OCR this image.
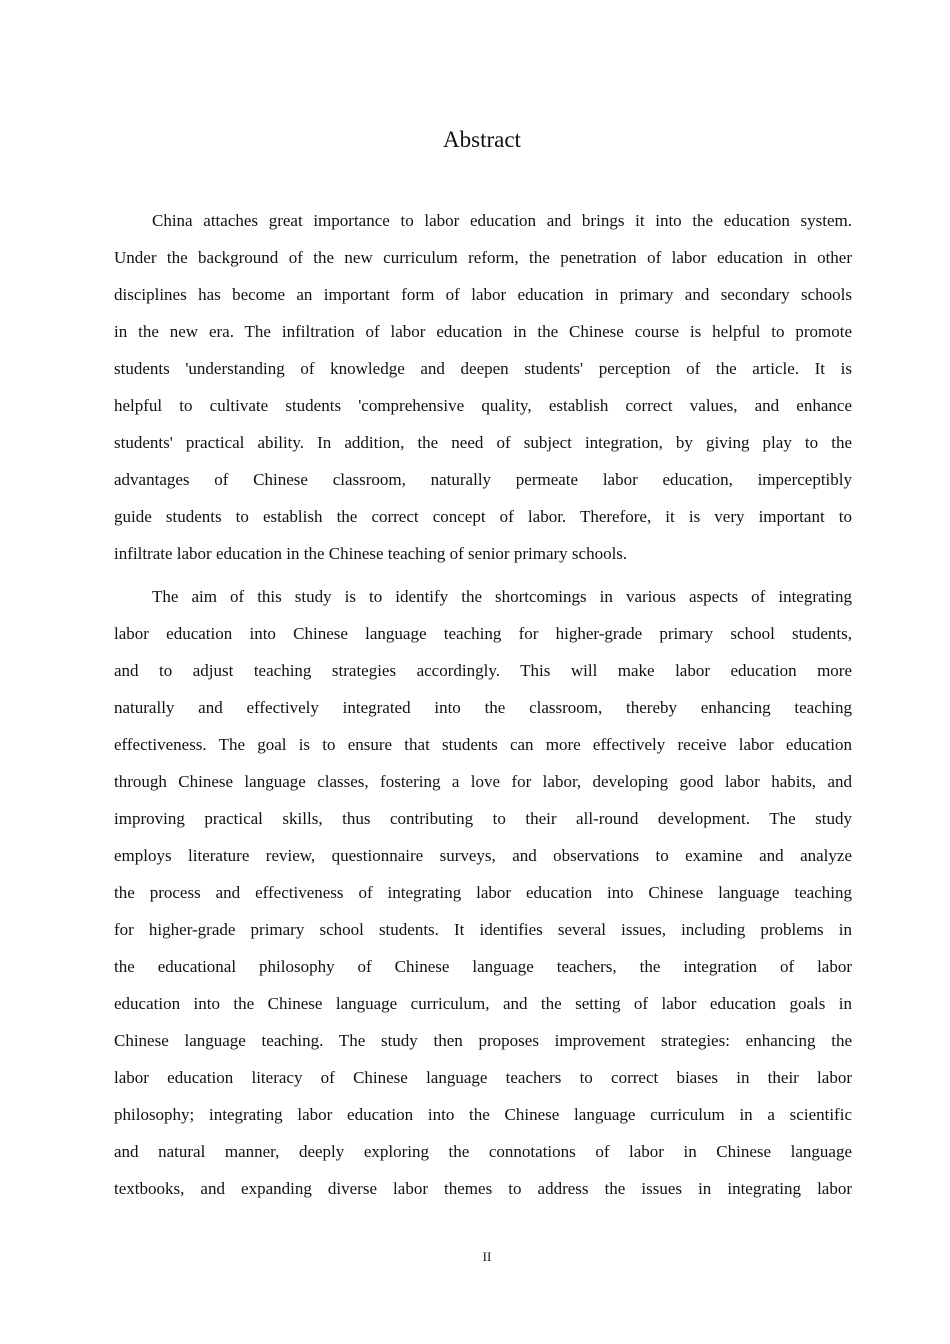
Abstract
China attaches great importance to labor education and brings it into the education system.
Under the background of the new curriculum reform, the penetration of labor education in other
disciplines has become an important form of labor education in primary and secondary schools
in the new era. The infiltration of labor education in the Chinese course is helpful to promote
students 'understanding of knowledge and deepen students' perception of the article. It is
helpful to cultivate students 'comprehensive quality, establish correct values, and enhance
students' practical ability. In addition, the need of subject integration, by giving play to the
advantages of Chinese classroom, naturally permeate labor education, imperceptibly
guide students to establish the correct concept of labor. Therefore, it is very important to
infiltrate labor education in the Chinese teaching of senior primary schools.
The aim of this study is to identify the shortcomings in various aspects of integrating
labor education into Chinese language teaching for higher-grade primary school students,
and to adjust teaching strategies accordingly. This will make labor education more
naturally and effectively integrated into the classroom, thereby enhancing teaching
effectiveness. The goal is to ensure that students can more effectively receive labor education
through Chinese language classes, fostering a love for labor, developing good labor habits, and
improving practical skills, thus contributing to their all-round development. The study
employs literature review, questionnaire surveys, and observations to examine and analyze
the process and effectiveness of integrating labor education into Chinese language teaching
for higher-grade primary school students. It identifies several issues, including problems in
the educational philosophy of Chinese language teachers, the integration of labor
education into the Chinese language curriculum, and the setting of labor education goals in
Chinese language teaching. The study then proposes improvement strategies: enhancing the
labor education literacy of Chinese language teachers to correct biases in their labor
philosophy; integrating labor education into the Chinese language curriculum in a scientific
and natural manner, deeply exploring the connotations of labor in Chinese language
textbooks, and expanding diverse labor themes to address the issues in integrating labor
II
